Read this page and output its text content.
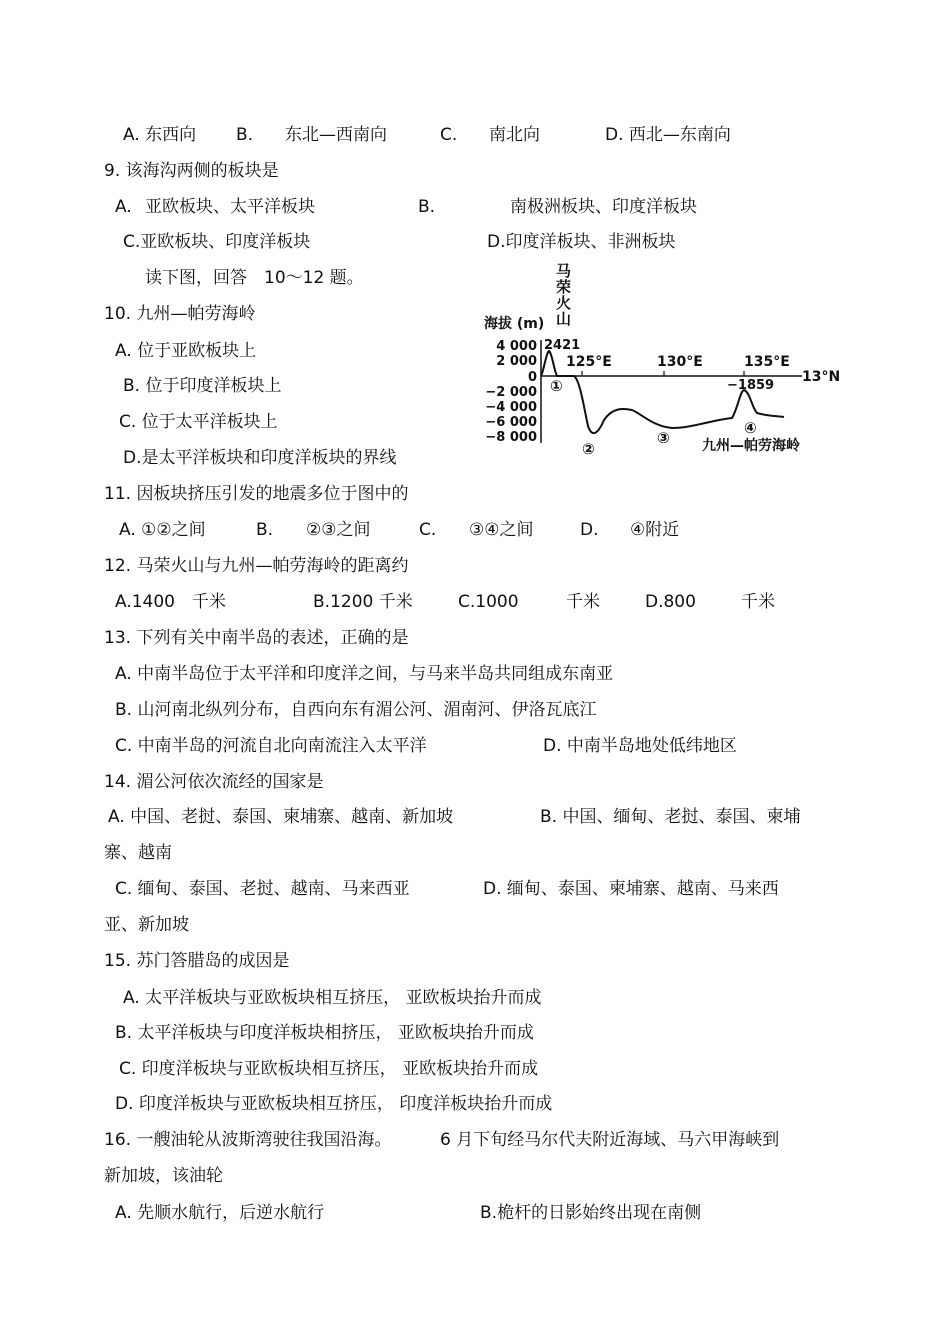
A. 东西向 B. 东北—西南向	C. 南北向	D. 西北—东南向
9. 该海沟两侧的板块是
A. 亚欧板块、太平洋板块	B.	南极洲板块、印度洋板块
C.亚欧板块、印度洋板块	D.印度洋板块、非洲板块
读下图，回答　10～12 题。
10. 九州—帕劳海岭
A. 位于亚欧板块上
B. 位于印度洋板块上
C. 位于太平洋板块上
D.是太平洋板块和印度洋板块的界线
马
荣
火
山
海拔 (m)
4 000
2 000
0
−2 000
−4 000
−6 000
−8 000
2421
125°E	130°E	135°E
13°N
−1859
①
②
③
④
九州—帕劳海岭
11. 因板块挤压引发的地震多位于图中的
A. ①②之间	B. ②③之间	C. ③④之间	D. ④附近
12. 马荣火山与九州—帕劳海岭的距离约
A.1400　千米	B.1200 千米	C.1000	千米	D.800	千米
13. 下列有关中南半岛的表述，正确的是
A. 中南半岛位于太平洋和印度洋之间，与马来半岛共同组成东南亚
B. 山河南北纵列分布，自西向东有湄公河、湄南河、伊洛瓦底江
C. 中南半岛的河流自北向南流注入太平洋	D. 中南半岛地处低纬地区
14. 湄公河依次流经的国家是
A. 中国、老挝、泰国、柬埔寨、越南、新加坡	B. 中国、缅甸、老挝、泰国、柬埔
寨、越南
C. 缅甸、泰国、老挝、越南、马来西亚	D. 缅甸、泰国、柬埔寨、越南、马来西
亚、新加坡
15. 苏门答腊岛的成因是
A. 太平洋板块与亚欧板块相互挤压， 亚欧板块抬升而成
B. 太平洋板块与印度洋板块相挤压， 亚欧板块抬升而成
C. 印度洋板块与亚欧板块相互挤压， 亚欧板块抬升而成
D. 印度洋板块与亚欧板块相互挤压， 印度洋板块抬升而成
16. 一艘油轮从波斯湾驶往我国沿海。	6 月下旬经马尔代夫附近海域、马六甲海峡到
新加坡，该油轮
A. 先顺水航行，后逆水航行	B.桅杆的日影始终出现在南侧
